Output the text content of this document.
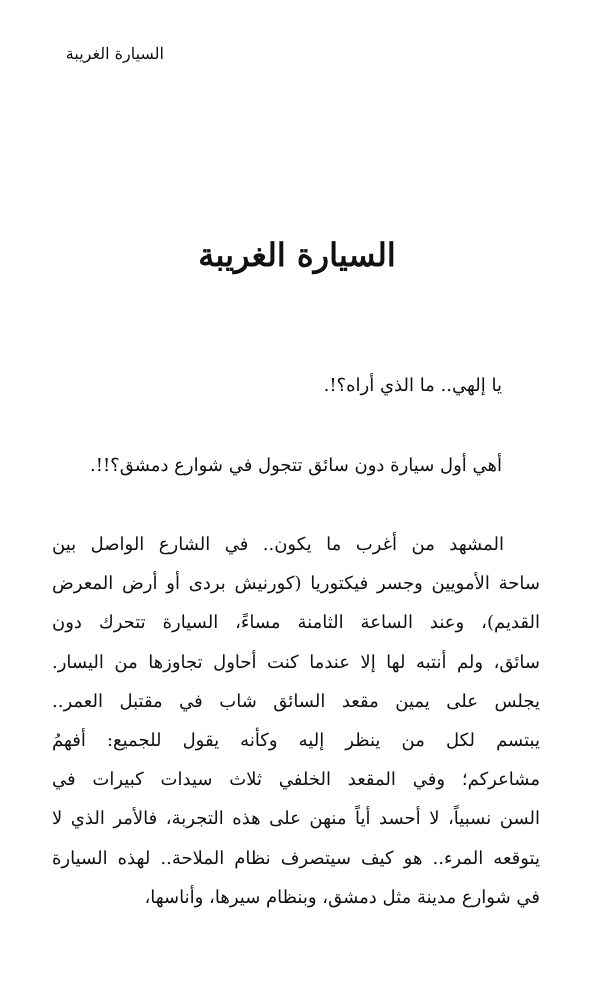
السيارة الغريبة
السيارة الغريبة
يا إلهي.. ما الذي أراه؟!.
أهي أول سيارة دون سائق تتجول في شوارع دمشق؟!!.
المشهد من أغرب ما يكون.. في الشارع الواصل بين
ساحة الأمويين وجسر فيكتوريا (كورنيش بردى أو أرض المعرض
القديم)، وعند الساعة الثامنة مساءً، السيارة تتحرك دون
سائق، ولم أنتبه لها إلا عندما كنت أحاول تجاوزها من اليسار.
يجلس على يمين مقعد السائق شاب في مقتبل العمر..
يبتسم لكل من ينظر إليه وكأنه يقول للجميع: أفهمُ
مشاعركم؛ وفي المقعد الخلفي ثلاث سيدات كبيرات في
السن نسبياً، لا أحسد أياً منهن على هذه التجربة، فالأمر الذي لا
يتوقعه المرء.. هو كيف سيتصرف نظام الملاحة.. لهذه السيارة
في شوارع مدينة مثل دمشق، وبنظام سيرها، وأناسها،
